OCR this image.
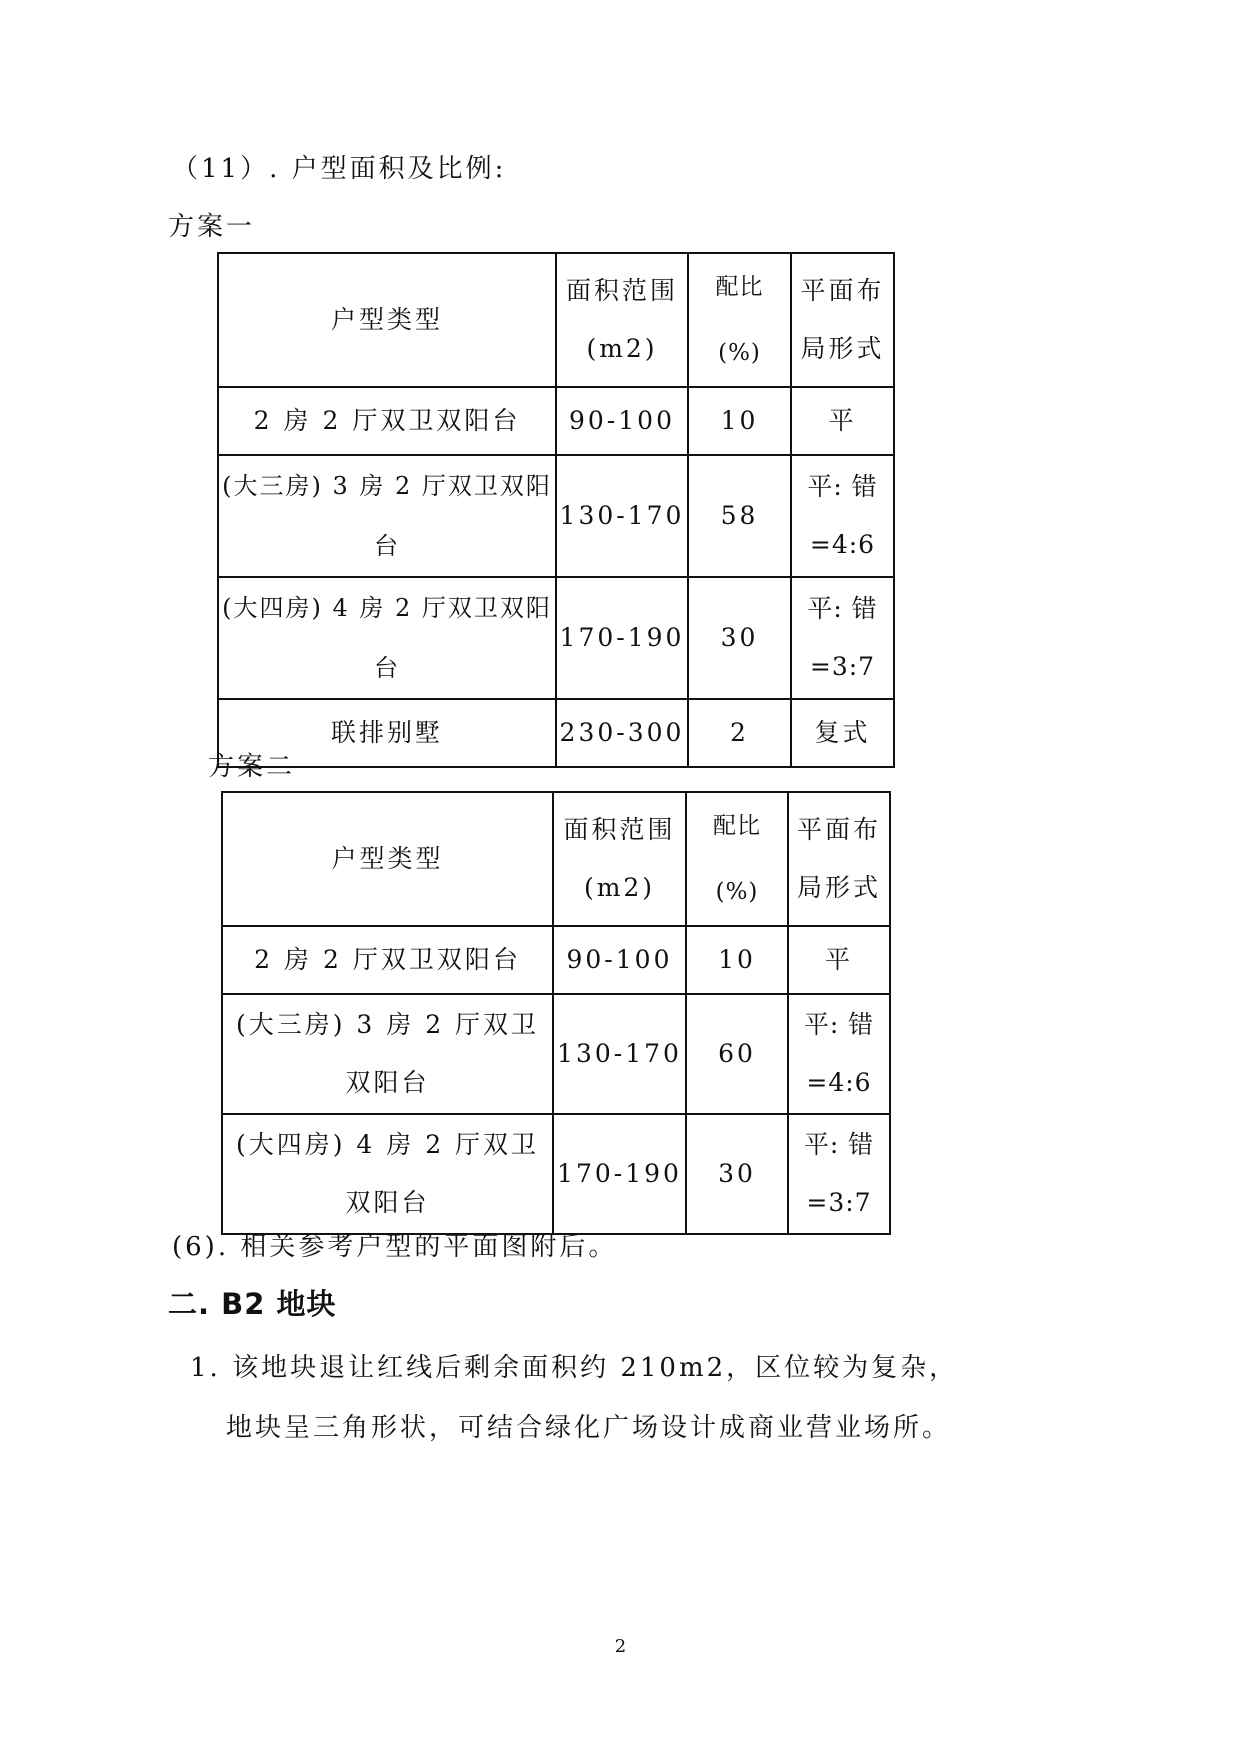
（11）. 户型面积及比例:
方案一
户型类型	面积范围 (m2)	配比 (%)	平面布局形式
2 房 2 厅双卫双阳台	90-100	10	平
(大三房) 3 房 2 厅双卫双阳台	130-170	58	平: 错=4:6
(大四房) 4 房 2 厅双卫双阳台	170-190	30	平: 错=3:7
联排别墅	230-300	2	复式
方案二
户型类型	面积范围 (m2)	配比 (%)	平面布局形式
2 房 2 厅双卫双阳台	90-100	10	平
(大三房) 3 房 2 厅双卫双阳台	130-170	60	平: 错=4:6
(大四房) 4 房 2 厅双卫双阳台	170-190	30	平: 错=3:7
(6). 相关参考户型的平面图附后。
二. B2 地块
1. 该地块退让红线后剩余面积约 210m2，区位较为复杂，地块呈三角形状，可结合绿化广场设计成商业营业场所。
2
